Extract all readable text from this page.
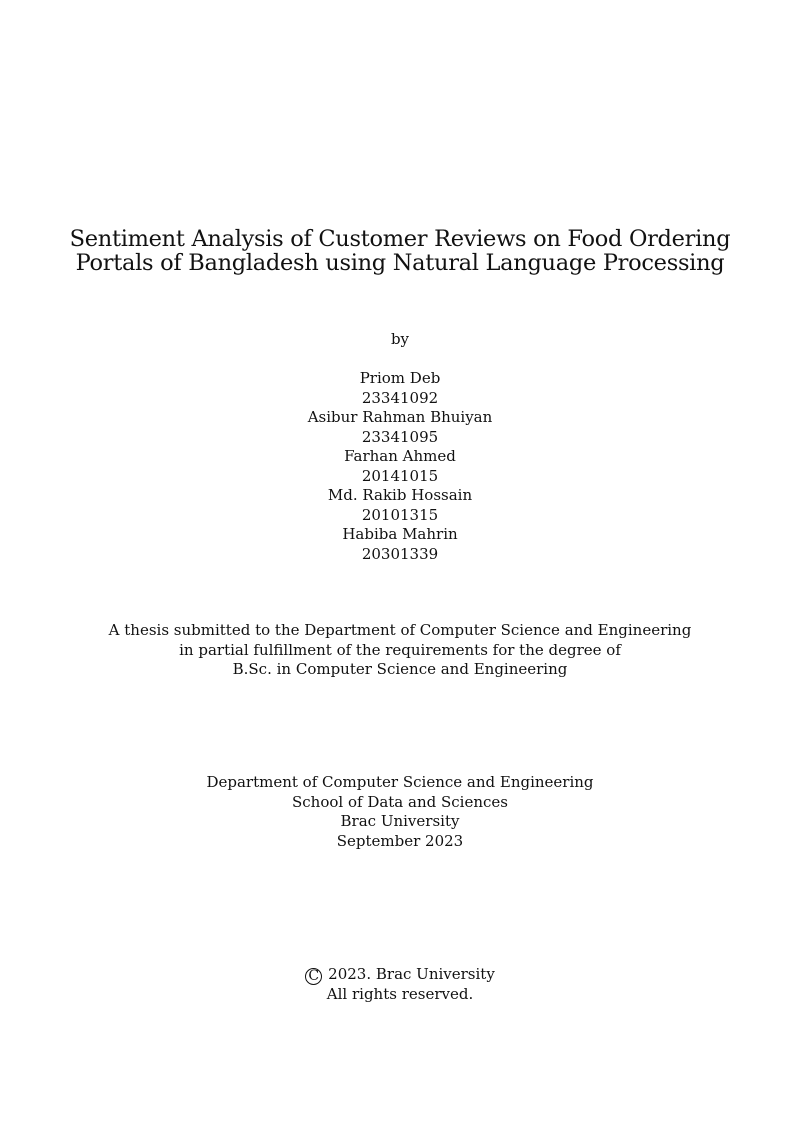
Sentiment Analysis of Customer Reviews on Food Ordering
Portals of Bangladesh using Natural Language Processing
by
Priom Deb
23341092
Asibur Rahman Bhuiyan
23341095
Farhan Ahmed
20141015
Md. Rakib Hossain
20101315
Habiba Mahrin
20301339
A thesis submitted to the Department of Computer Science and Engineering
in partial fulfillment of the requirements for the degree of
B.Sc. in Computer Science and Engineering
Department of Computer Science and Engineering
School of Data and Sciences
Brac University
September 2023
C 2023. Brac University
All rights reserved.
